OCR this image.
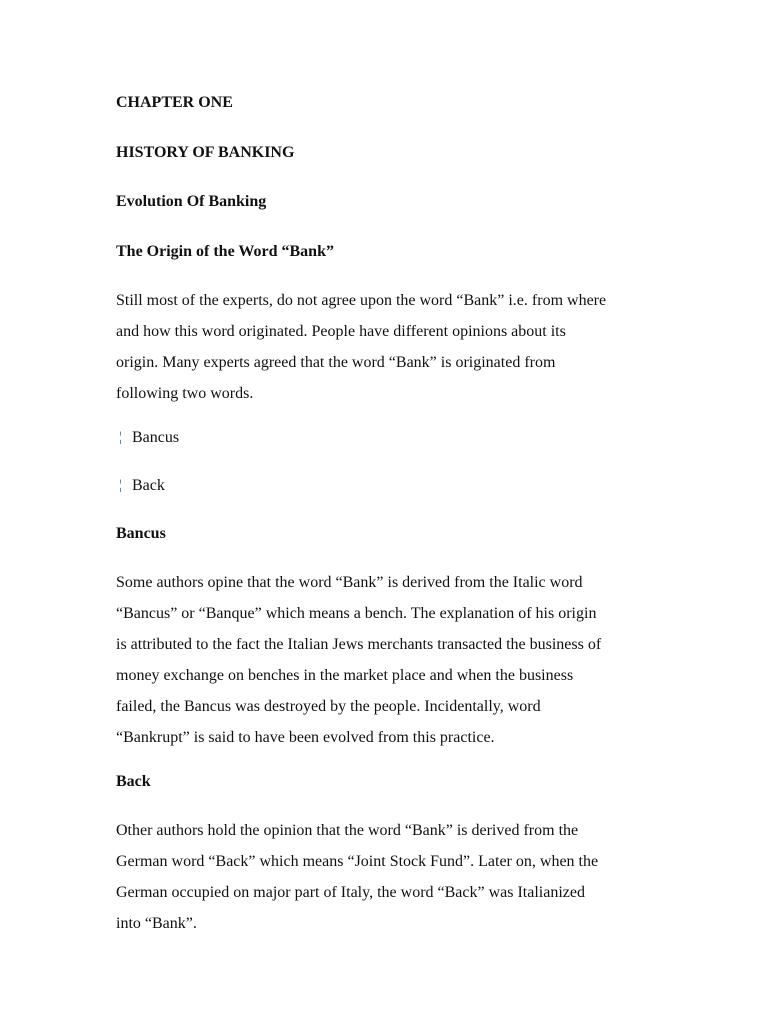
CHAPTER ONE
HISTORY OF BANKING
Evolution Of Banking
The Origin of the Word “Bank”
Still most of the experts, do not agree upon the word “Bank” i.e. from where
and how this word originated. People have different opinions about its
origin. Many experts agreed that the word “Bank” is originated from
following two words.
¦ Bancus
¦ Back
Bancus
Some authors opine that the word “Bank” is derived from the Italic word
“Bancus” or “Banque” which means a bench. The explanation of his origin
is attributed to the fact the Italian Jews merchants transacted the business of
money exchange on benches in the market place and when the business
failed, the Bancus was destroyed by the people. Incidentally, word
“Bankrupt” is said to have been evolved from this practice.
Back
Other authors hold the opinion that the word “Bank” is derived from the
German word “Back” which means “Joint Stock Fund”. Later on, when the
German occupied on major part of Italy, the word “Back” was Italianized
into “Bank”.
